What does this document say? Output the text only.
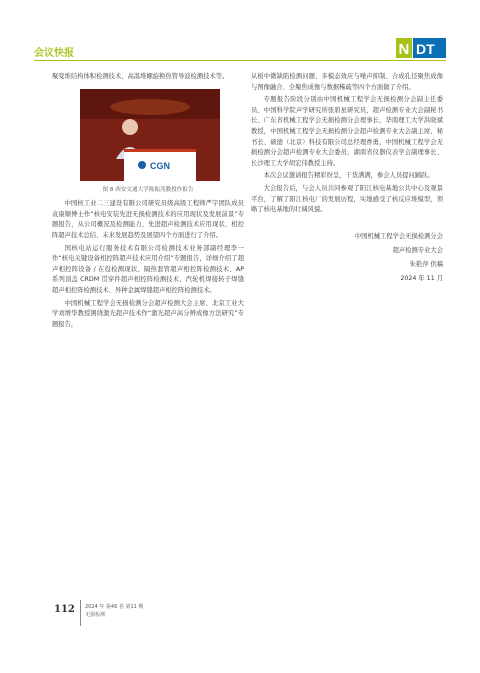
会议快报	N DT

聚变堆结构体积检测技术、高温堆螺旋换热管导波检测技术等。

CGN
图 8 西安交通大学陈振茂教授作报告

中国核工业二三建设有限公司研究员级高级工程师严宇团队成员袁康顺博士作“核电安装先进无损检测技术的应用现状及发展前景”专题报告，从公司概况及检测能力、先进超声检测技术应用现状、相控阵超声技术总结、未来发展趋势及展望四个方面进行了介绍。

国核电站运行服务技术有限公司检测技术业务部副经理李一作“核电关键设备相控阵超声技术应用介绍”专题报告，详细介绍了超声相控阵设备 / 在役检测现状、隔热套管超声相控阵检测技术、AP 系列顶盖 CRDM 贯穿件超声相控阵检测技术、汽轮机焊接转子焊缝超声相控阵检测技术、异种金属焊缝超声相控阵检测技术。

中国机械工程学会无损检测分会超声检测大会主席、北京工业大学刘增华教授围绕激光超声技术作“激光超声高分辨成像方法研究”专题报告，

从板中微缺陷检测问题、多模态效应与噪声抑制、合成孔径聚焦成像与图像融合、全聚焦成像与数据稀疏等四个方面做了介绍。

专题报告阶段分别由中国机械工程学会无损检测分会副主任委员、中国科学院声学研究所张碧星研究员，超声检测专业大会副秘书长、广东省机械工程学会无损检测分会理事长、华南理工大学洪晓斌教授，中国机械工程学会无损检测分会超声检测专业大会副主席、秘书长、硕德（北京）科技有限公司总经理香勇，中国机械工程学会无损检测分会超声检测专业大会委员、湖南省仪器仪表学会副理事长、长沙理工大学胡宏伟教授主持。

本次会议邀请报告精彩纷呈，干货满满，参会人员提问踊跃。

大会报告后，与会人员共同参观了阳江核电基地公共中心及观景平台，了解了阳江核电厂的发展历程，实地感受了核反应堆模型，领略了核电基地的壮阔风貌。

中国机械工程学会无损检测分会
超声检测专业大会
朱艳萍 供稿
2024 年 11 月
112 2024 年 第46 卷 第11 期
无损检测
